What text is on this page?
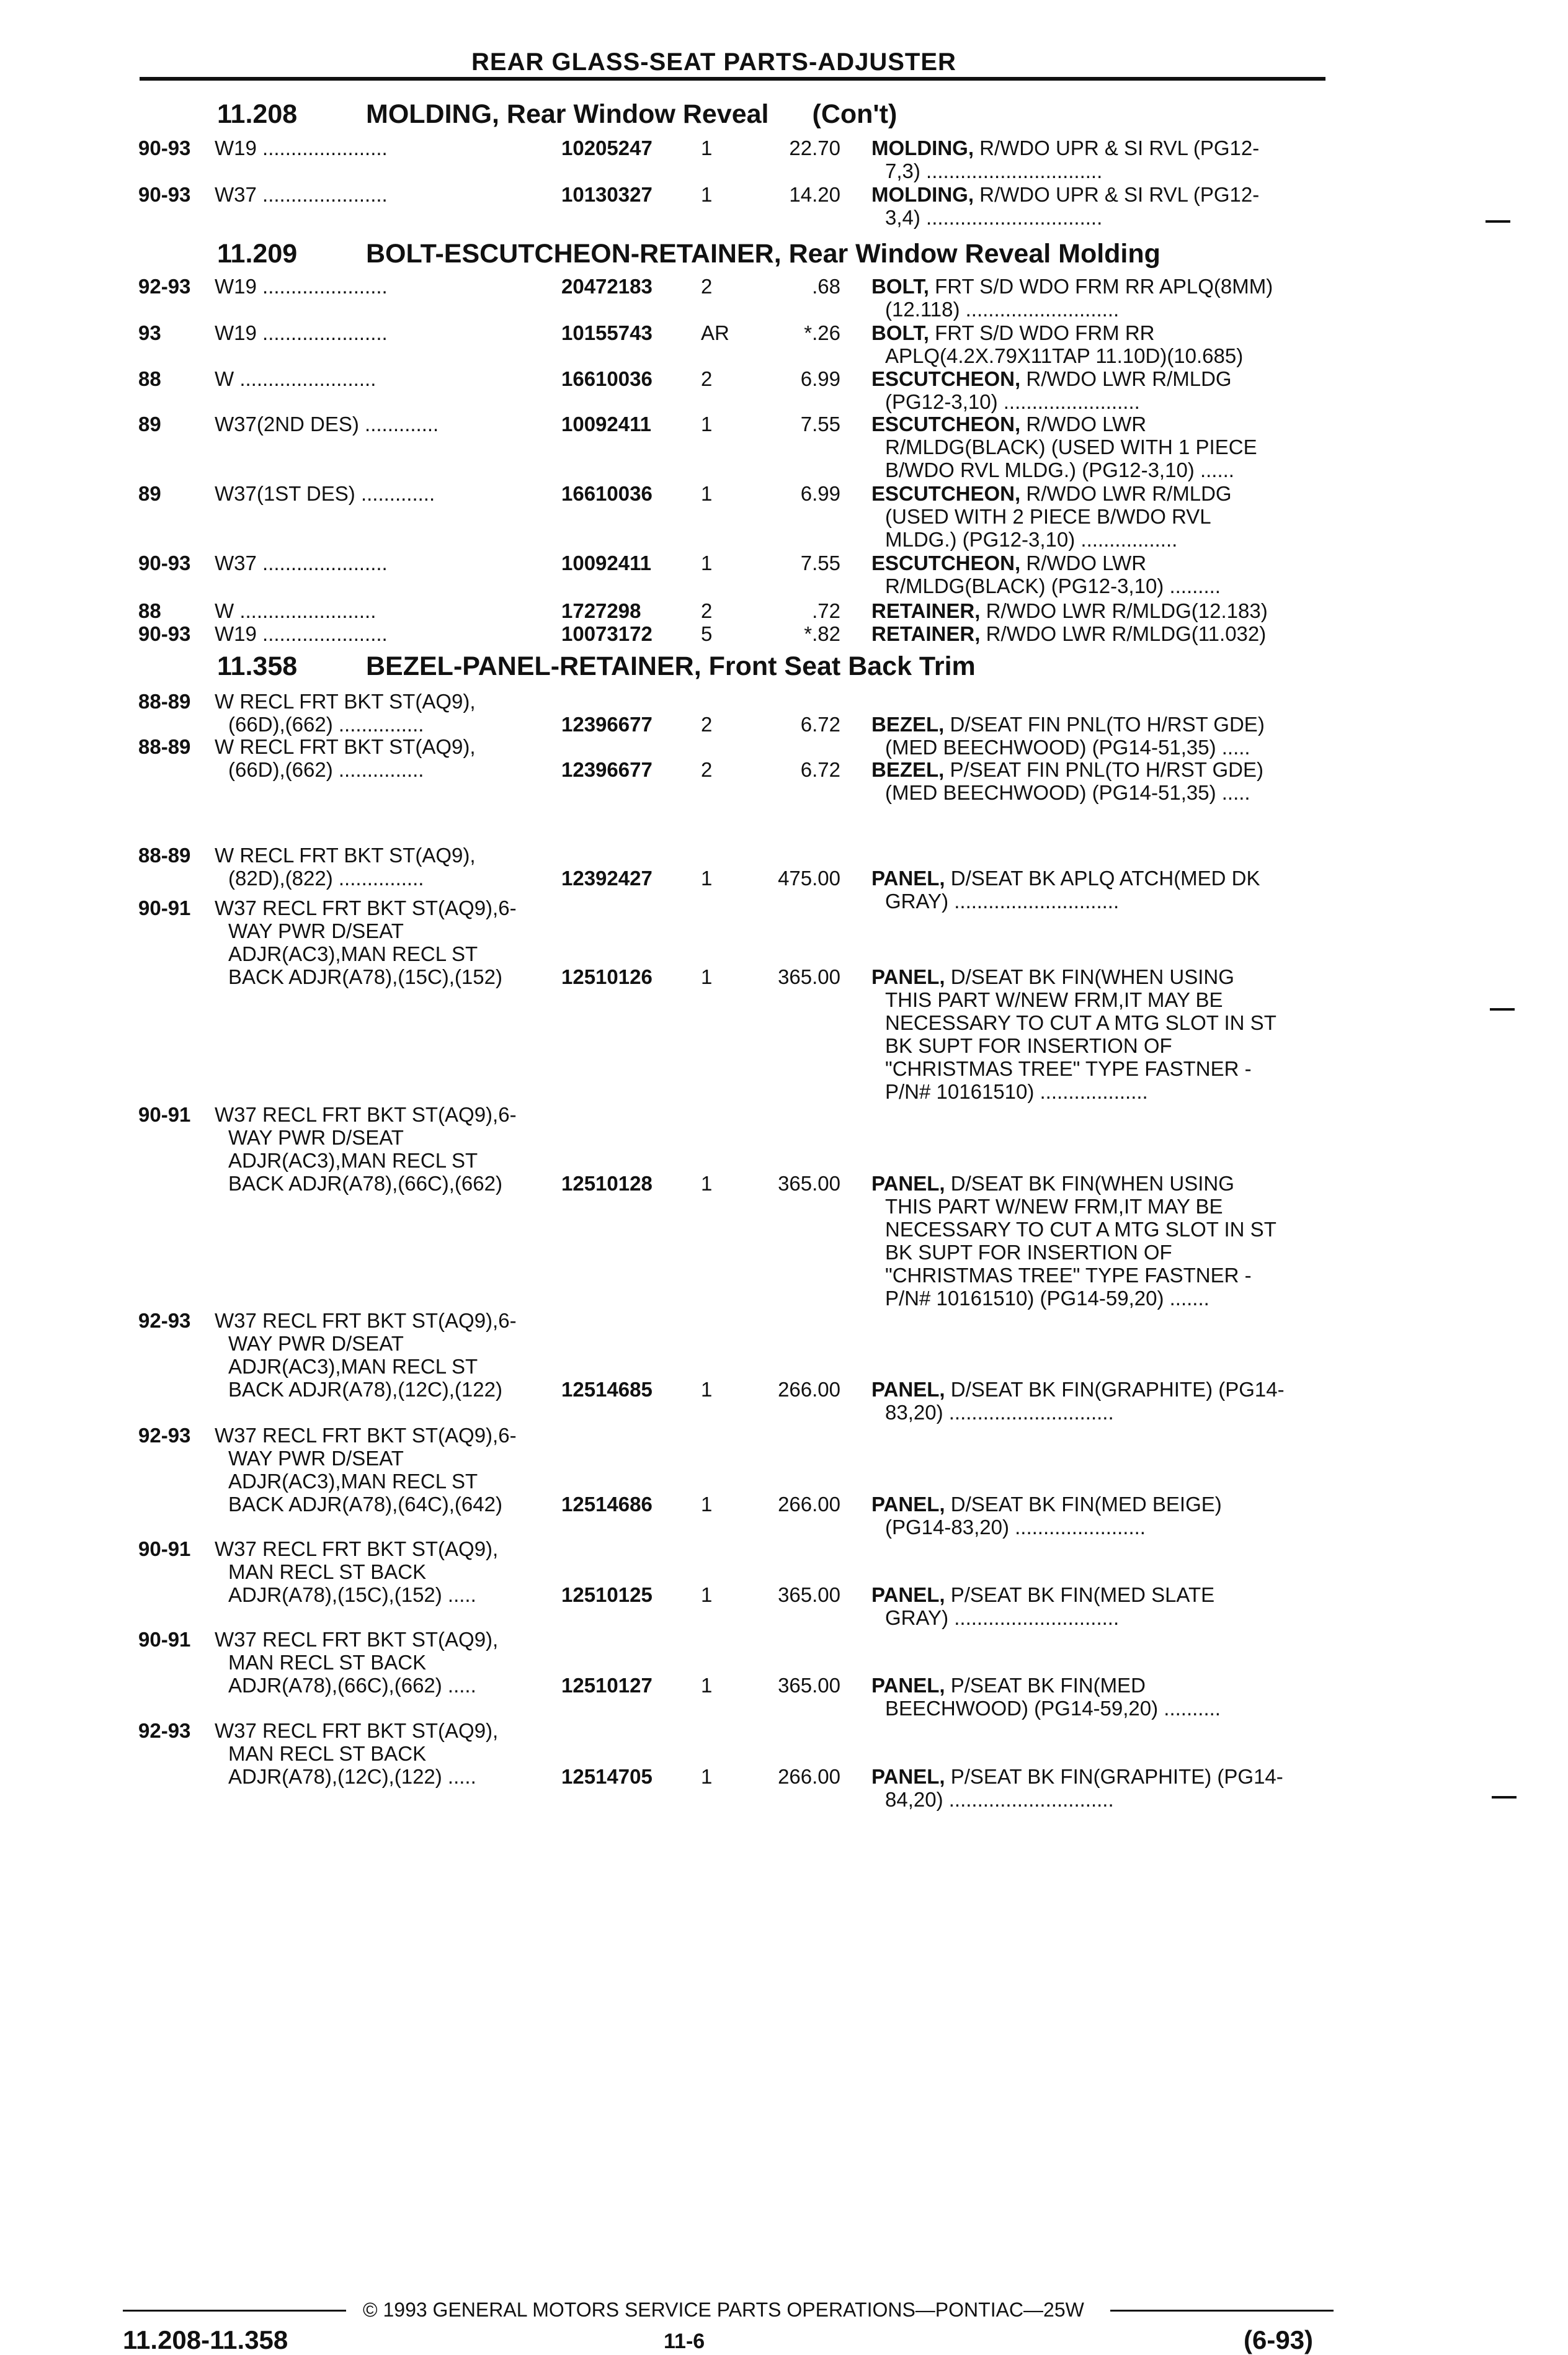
REAR GLASS-SEAT PARTS-ADJUSTER
11.208	MOLDING, Rear Window Reveal (Con't)
90-93 W19 ......................	10205247 1	22.70 MOLDING, R/WDO UPR & SI RVL (PG12-
7,3) ...............................
90-93 W37 ......................	10130327 1	14.20 MOLDING, R/WDO UPR & SI RVL (PG12-
3,4) ...............................
11.209	BOLT-ESCUTCHEON-RETAINER, Rear Window Reveal Molding
92-93 W19 ......................	20472183 2	.68 BOLT, FRT S/D WDO FRM RR APLQ(8MM)
(12.118) ...........................
93	W19 ......................	10155743 AR	*.26 BOLT, FRT S/D WDO FRM RR
APLQ(4.2X.79X11TAP 11.10D)(10.685)
88	W ........................	16610036 2	6.99 ESCUTCHEON, R/WDO LWR R/MLDG
(PG12-3,10) ........................
89	W37(2ND DES) .............	10092411 1	7.55 ESCUTCHEON, R/WDO LWR
R/MLDG(BLACK) (USED WITH 1 PIECE
B/WDO RVL MLDG.) (PG12-3,10) ......
89	W37(1ST DES) .............	16610036 1	6.99 ESCUTCHEON, R/WDO LWR R/MLDG
(USED WITH 2 PIECE B/WDO RVL
MLDG.) (PG12-3,10) .................
90-93 W37 ......................	10092411 1	7.55 ESCUTCHEON, R/WDO LWR
R/MLDG(BLACK) (PG12-3,10) .........
88	W ........................	1727298	2	.72 RETAINER, R/WDO LWR R/MLDG(12.183)
90-93 W19 ......................	10073172 5	*.82 RETAINER, R/WDO LWR R/MLDG(11.032)
11.358	BEZEL-PANEL-RETAINER, Front Seat Back Trim
88-89 W RECL FRT BKT ST(AQ9),
(66D),(662) ...............	12396677 2	6.72 BEZEL, D/SEAT FIN PNL(TO H/RST GDE)
(MED BEECHWOOD) (PG14-51,35) .....
88-89 W RECL FRT BKT ST(AQ9),
(66D),(662) ...............	12396677 2	6.72 BEZEL, P/SEAT FIN PNL(TO H/RST GDE)
(MED BEECHWOOD) (PG14-51,35) .....
88-89 W RECL FRT BKT ST(AQ9),
(82D),(822) ...............	12392427 1	475.00 PANEL, D/SEAT BK APLQ ATCH(MED DK
GRAY) .............................
90-91 W37 RECL FRT BKT ST(AQ9),6-
WAY PWR D/SEAT
ADJR(AC3),MAN RECL ST
BACK ADJR(A78),(15C),(152)	12510126 1	365.00 PANEL, D/SEAT BK FIN(WHEN USING
THIS PART W/NEW FRM,IT MAY BE
NECESSARY TO CUT A MTG SLOT IN ST
BK SUPT FOR INSERTION OF
"CHRISTMAS TREE" TYPE FASTNER -
P/N# 10161510) ...................
90-91 W37 RECL FRT BKT ST(AQ9),6-
WAY PWR D/SEAT
ADJR(AC3),MAN RECL ST
BACK ADJR(A78),(66C),(662)	12510128 1	365.00 PANEL, D/SEAT BK FIN(WHEN USING
THIS PART W/NEW FRM,IT MAY BE
NECESSARY TO CUT A MTG SLOT IN ST
BK SUPT FOR INSERTION OF
"CHRISTMAS TREE" TYPE FASTNER -
P/N# 10161510) (PG14-59,20) .......
92-93 W37 RECL FRT BKT ST(AQ9),6-
WAY PWR D/SEAT
ADJR(AC3),MAN RECL ST
BACK ADJR(A78),(12C),(122)	12514685 1	266.00 PANEL, D/SEAT BK FIN(GRAPHITE) (PG14-
83,20) .............................
92-93 W37 RECL FRT BKT ST(AQ9),6-
WAY PWR D/SEAT
ADJR(AC3),MAN RECL ST
BACK ADJR(A78),(64C),(642)	12514686 1	266.00 PANEL, D/SEAT BK FIN(MED BEIGE)
(PG14-83,20) .......................
90-91 W37 RECL FRT BKT ST(AQ9),
MAN RECL ST BACK
ADJR(A78),(15C),(152) .....	12510125 1	365.00 PANEL, P/SEAT BK FIN(MED SLATE
GRAY) .............................
90-91 W37 RECL FRT BKT ST(AQ9),
MAN RECL ST BACK
ADJR(A78),(66C),(662) .....	12510127 1	365.00 PANEL, P/SEAT BK FIN(MED
BEECHWOOD) (PG14-59,20) ..........
92-93 W37 RECL FRT BKT ST(AQ9),
MAN RECL ST BACK
ADJR(A78),(12C),(122) .....	12514705 1	266.00 PANEL, P/SEAT BK FIN(GRAPHITE) (PG14-
84,20) .............................
© 1993 GENERAL MOTORS SERVICE PARTS OPERATIONS—PONTIAC—25W
11.208-11.358	11-6	(6-93)
